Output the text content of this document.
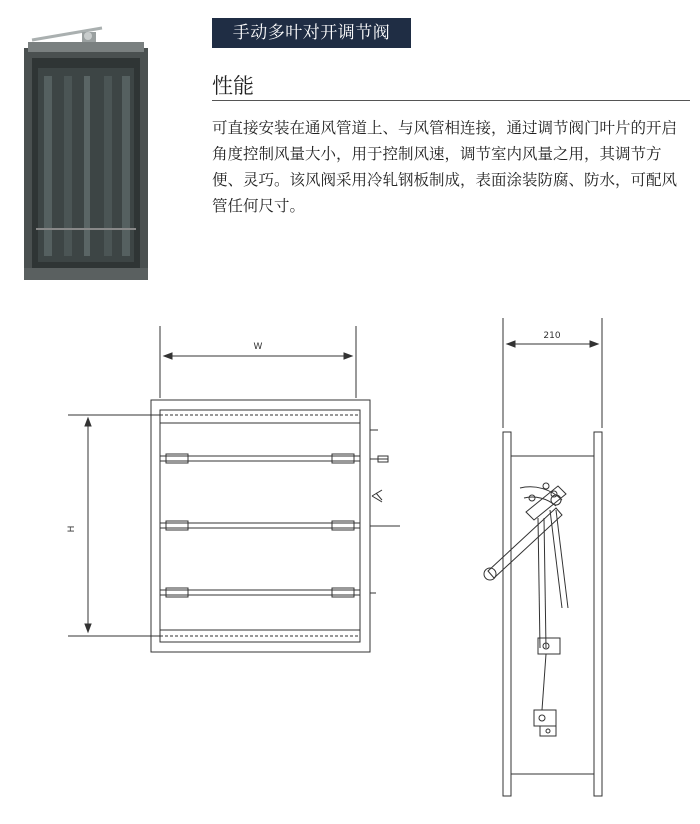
手动多叶对开调节阀
性能
可直接安装在通风管道上、与风管相连接，通过调节阀门叶片的开启角度控制风量大小，用于控制风速，调节室内风量之用，其调节方便、灵巧。该风阀采用冷轧钢板制成，表面涂装防腐、防水，可配风管任何尺寸。
W
H
210
